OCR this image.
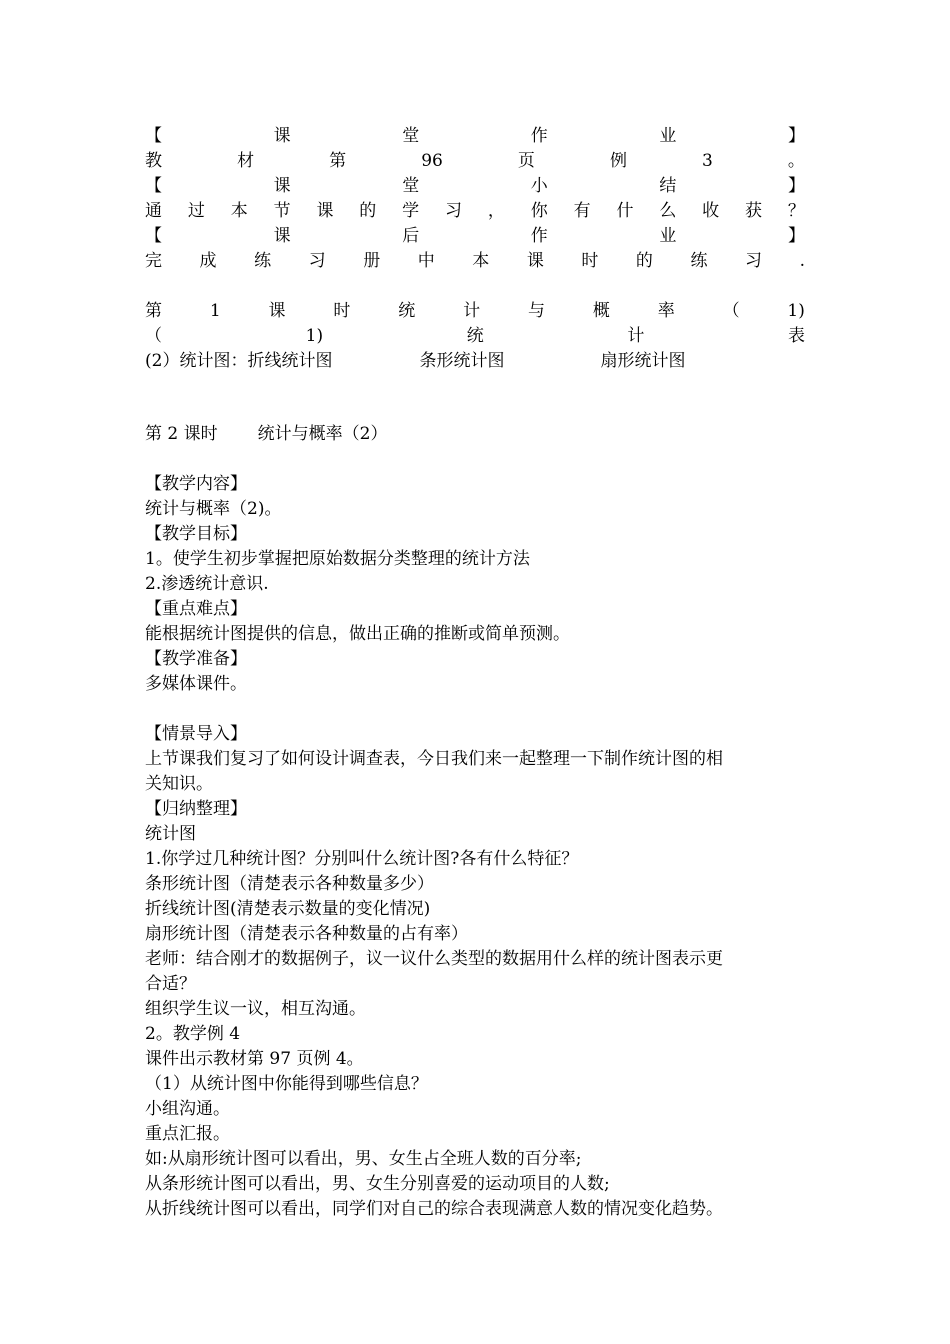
【	课	堂	作	业	】
教	材	第	96	页	例	3	。
【	课	堂	小	结	】
通 过 本 节 课 的 学 习 ， 你 有 什 么 收 获 ？
【	课	后	作	业	】
完 成 练 习 册 中 本 课 时 的 练 习 .
第	1	课	时	统	计	与	概	率	（	1)
（	1)	统	计	表
(2）统计图：折线统计图	条形统计图	扇形统计图
第 2 课时 统计与概率（2）
【教学内容】
统计与概率（2)。
【教学目标】
1。使学生初步掌握把原始数据分类整理的统计方法
2.渗透统计意识.
【重点难点】
能根据统计图提供的信息，做出正确的推断或简单预测。
【教学准备】
多媒体课件。
【情景导入】
上节课我们复习了如何设计调查表，今日我们来一起整理一下制作统计图的相
关知识。
【归纳整理】
统计图
1.你学过几种统计图？分别叫什么统计图?各有什么特征？
条形统计图（清楚表示各种数量多少）
折线统计图(清楚表示数量的变化情况)
扇形统计图（清楚表示各种数量的占有率）
老师：结合刚才的数据例子，议一议什么类型的数据用什么样的统计图表示更
合适？
组织学生议一议，相互沟通。
2。教学例 4
课件出示教材第 97 页例 4。
（1）从统计图中你能得到哪些信息？
小组沟通。
重点汇报。
如:从扇形统计图可以看出，男、女生占全班人数的百分率;
从条形统计图可以看出，男、女生分别喜爱的运动项目的人数;
从折线统计图可以看出，同学们对自己的综合表现满意人数的情况变化趋势。
